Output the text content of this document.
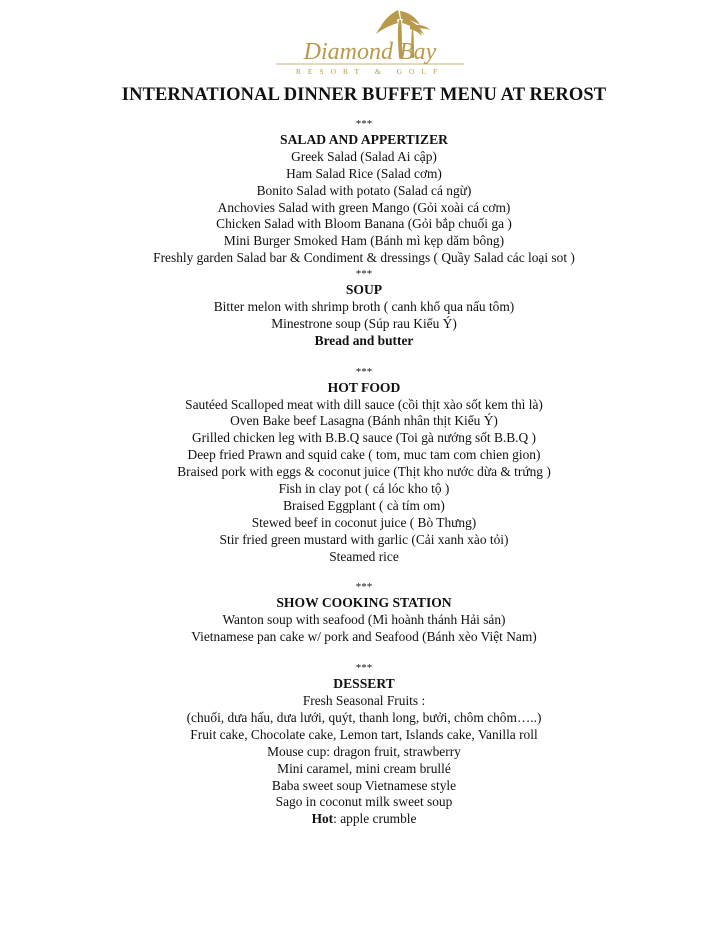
Diamond Bay
RESORT & GOLF
INTERNATIONAL DINNER BUFFET MENU AT REROST
***
SALAD AND APPERTIZER
Greek Salad (Salad Ai cập)
Ham Salad Rice (Salad cơm)
Bonito Salad with potato (Salad cá ngừ)
Anchovies Salad with green Mango (Gỏi xoài cá cơm)
Chicken Salad with Bloom Banana (Gỏi bắp chuối ga )
Mini Burger Smoked Ham (Bánh mì kẹp dăm bông)
Freshly garden Salad bar & Condiment & dressings ( Quầy Salad các loại sot )
***
SOUP
Bitter melon with shrimp broth ( canh khổ qua nấu tôm)
Minestrone soup (Súp rau Kiểu Ý)
Bread and butter
***
HOT FOOD
Sautéed Scalloped meat with dill sauce (cồi thịt xào sốt kem thì là)
Oven Bake beef Lasagna (Bánh nhân thịt Kiểu Ý)
Grilled chicken leg with B.B.Q sauce (Toi gà nướng sốt B.B.Q )
Deep fried Prawn and squid cake ( tom, muc tam com chien gion)
Braised pork with eggs & coconut juice (Thịt kho nước dừa & trứng )
Fish in clay pot ( cá lóc kho tộ )
Braised Eggplant ( cà tím om)
Stewed beef in coconut juice ( Bò Thưng)
Stir fried green mustard with garlic (Cải xanh xào tỏi)
Steamed rice
***
SHOW COOKING STATION
Wanton soup with seafood (Mì hoành thánh Hải sản)
Vietnamese pan cake w/ pork and Seafood (Bánh xèo Việt Nam)
***
DESSERT
Fresh Seasonal Fruits :
(chuối, dưa hấu, dưa lưới, quýt, thanh long, bưởi, chôm chôm…..)
Fruit cake, Chocolate cake, Lemon tart, Islands cake, Vanilla roll
Mouse cup: dragon fruit, strawberry
Mini caramel, mini cream brullé
Baba sweet soup Vietnamese style
Sago in coconut milk sweet soup
Hot: apple crumble
